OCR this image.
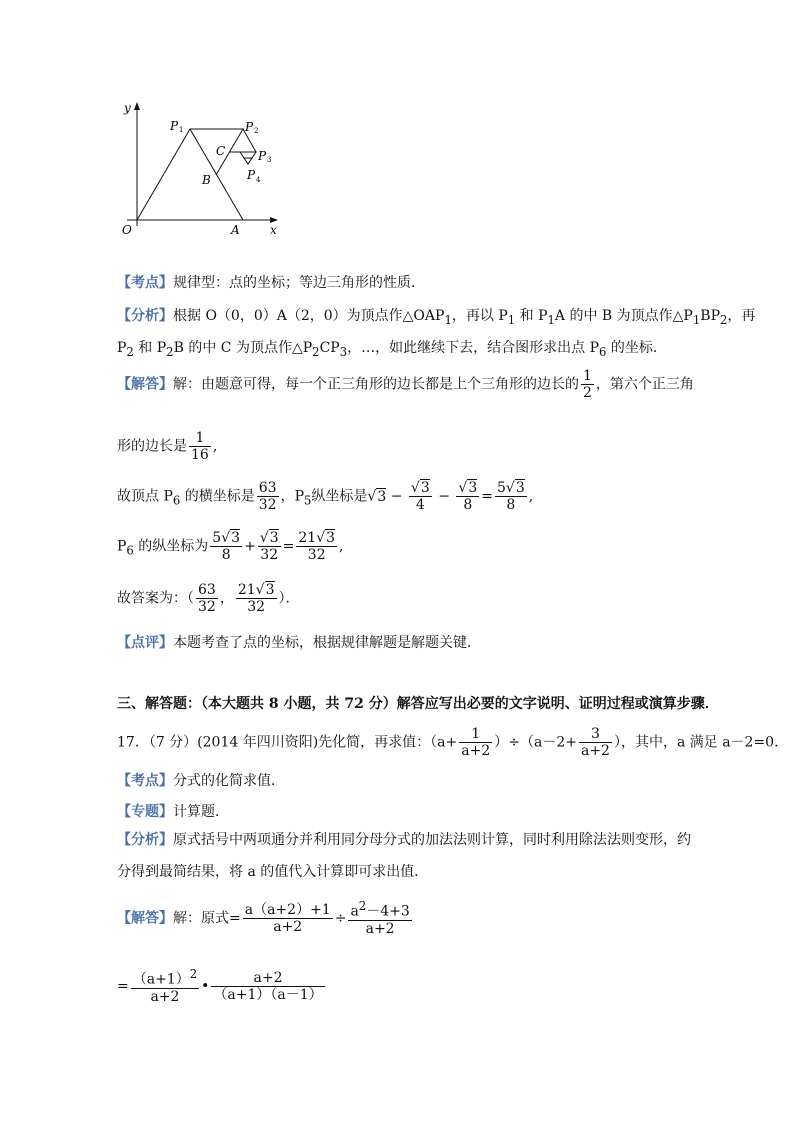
y
x
O	A
B
C
P 1	P 2
P 3
P 4
【考点】规律型：点的坐标；等边三角形的性质．
【分析】根据 O（0，0）A（2，0）为顶点作$\triangle OAP_1$，再以 $P_1$ 和 $P_1A$ 的中 B 为顶点作$\triangle P_1BP_2$，再
$P_2$ 和 $P_2B$ 的中 C 为顶点作$\triangle P_2CP_3$，…，如此继续下去，结合图形求出点 $P_6$ 的坐标．
【解答】解：由题意可得，每一个正三角形的边长都是上个三角形的边长的 $\frac{1}{2}$ ，第六个正三角
形的边长是 $\frac{1}{16}$ ,
故顶点 $P_6$ 的横坐标是 $\frac{63}{32}$ ，$P_5$纵坐标是$√3 - \frac{√3}{4} - \frac{√3}{8} = \frac{5√3}{8}$ ,
$P_6$ 的纵坐标为 $\frac{5√3}{8} + \frac{√3}{32} = \frac{21√3}{32}$ ,
故答案为：（ $\frac{63}{32}$ ， $\frac{21√3}{32}$ ）．
【点评】本题考查了点的坐标，根据规律解题是解题关键．
三、解答题：（本大题共 8 小题，共 72 分）解答应写出必要的文字说明、证明过程或演算步骤．
17．（7 分）(2014 年四川资阳)先化简，再求值：$(a+ \frac{1}{a+2} )\div(a-2+ \frac{3}{a+2}$ ），其中，a 满足 a－2=0．
【考点】分式的化简求值．
【专题】计算题．
【分析】原式括号中两项通分并利用同分母分式的加法法则计算，同时利用除法法则变形，约
分得到最简结果，将 a 的值代入计算即可求出值．
【解答】解：原式= $\frac{a(a+2)+1}{a+2} \div \frac{a^2-4+3}{a+2}$
= $\frac{(a+1)^2}{a+2}$ • $\frac{a+2}{(a+1)(a-1)}$
